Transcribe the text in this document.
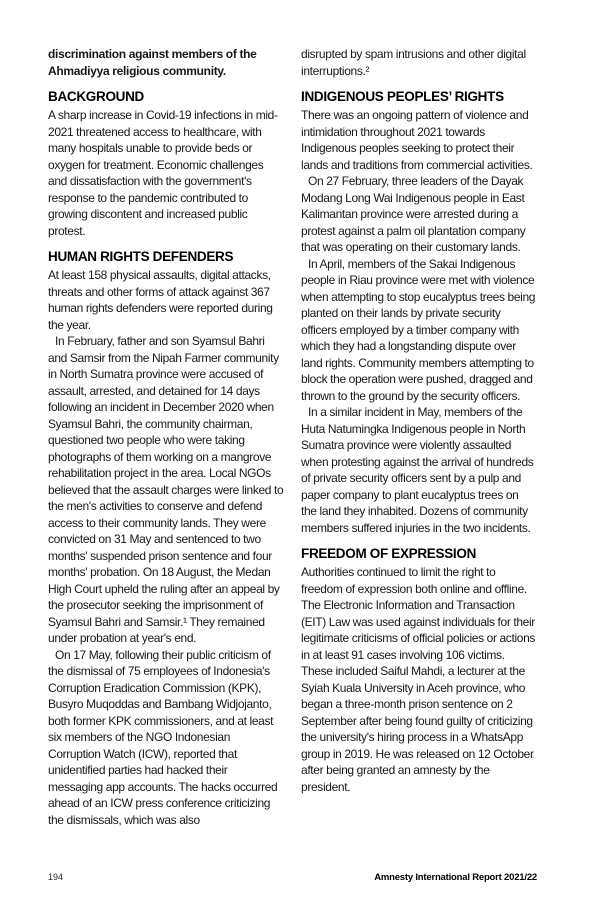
discrimination against members of the Ahmadiyya religious community.

BACKGROUND

A sharp increase in Covid-19 infections in mid-2021 threatened access to healthcare, with many hospitals unable to provide beds or oxygen for treatment. Economic challenges and dissatisfaction with the government's response to the pandemic contributed to growing discontent and increased public protest.

HUMAN RIGHTS DEFENDERS

At least 158 physical assaults, digital attacks, threats and other forms of attack against 367 human rights defenders were reported during the year.

In February, father and son Syamsul Bahri and Samsir from the Nipah Farmer community in North Sumatra province were accused of assault, arrested, and detained for 14 days following an incident in December 2020 when Syamsul Bahri, the community chairman, questioned two people who were taking photographs of them working on a mangrove rehabilitation project in the area. Local NGOs believed that the assault charges were linked to the men's activities to conserve and defend access to their community lands. They were convicted on 31 May and sentenced to two months' suspended prison sentence and four months' probation. On 18 August, the Medan High Court upheld the ruling after an appeal by the prosecutor seeking the imprisonment of Syamsul Bahri and Samsir.¹ They remained under probation at year's end.

On 17 May, following their public criticism of the dismissal of 75 employees of Indonesia's Corruption Eradication Commission (KPK), Busyro Muqoddas and Bambang Widjojanto, both former KPK commissioners, and at least six members of the NGO Indonesian Corruption Watch (ICW), reported that unidentified parties had hacked their messaging app accounts. The hacks occurred ahead of an ICW press conference criticizing the dismissals, which was also

disrupted by spam intrusions and other digital interruptions.²

INDIGENOUS PEOPLES’ RIGHTS

There was an ongoing pattern of violence and intimidation throughout 2021 towards Indigenous peoples seeking to protect their lands and traditions from commercial activities.

On 27 February, three leaders of the Dayak Modang Long Wai Indigenous people in East Kalimantan province were arrested during a protest against a palm oil plantation company that was operating on their customary lands.

In April, members of the Sakai Indigenous people in Riau province were met with violence when attempting to stop eucalyptus trees being planted on their lands by private security officers employed by a timber company with which they had a longstanding dispute over land rights. Community members attempting to block the operation were pushed, dragged and thrown to the ground by the security officers.

In a similar incident in May, members of the Huta Natumingka Indigenous people in North Sumatra province were violently assaulted when protesting against the arrival of hundreds of private security officers sent by a pulp and paper company to plant eucalyptus trees on the land they inhabited. Dozens of community members suffered injuries in the two incidents.

FREEDOM OF EXPRESSION

Authorities continued to limit the right to freedom of expression both online and offline. The Electronic Information and Transaction (EIT) Law was used against individuals for their legitimate criticisms of official policies or actions in at least 91 cases involving 106 victims. These included Saiful Mahdi, a lecturer at the Syiah Kuala University in Aceh province, who began a three-month prison sentence on 2 September after being found guilty of criticizing the university's hiring process in a WhatsApp group in 2019. He was released on 12 October after being granted an amnesty by the president.

194	Amnesty International Report 2021/22
